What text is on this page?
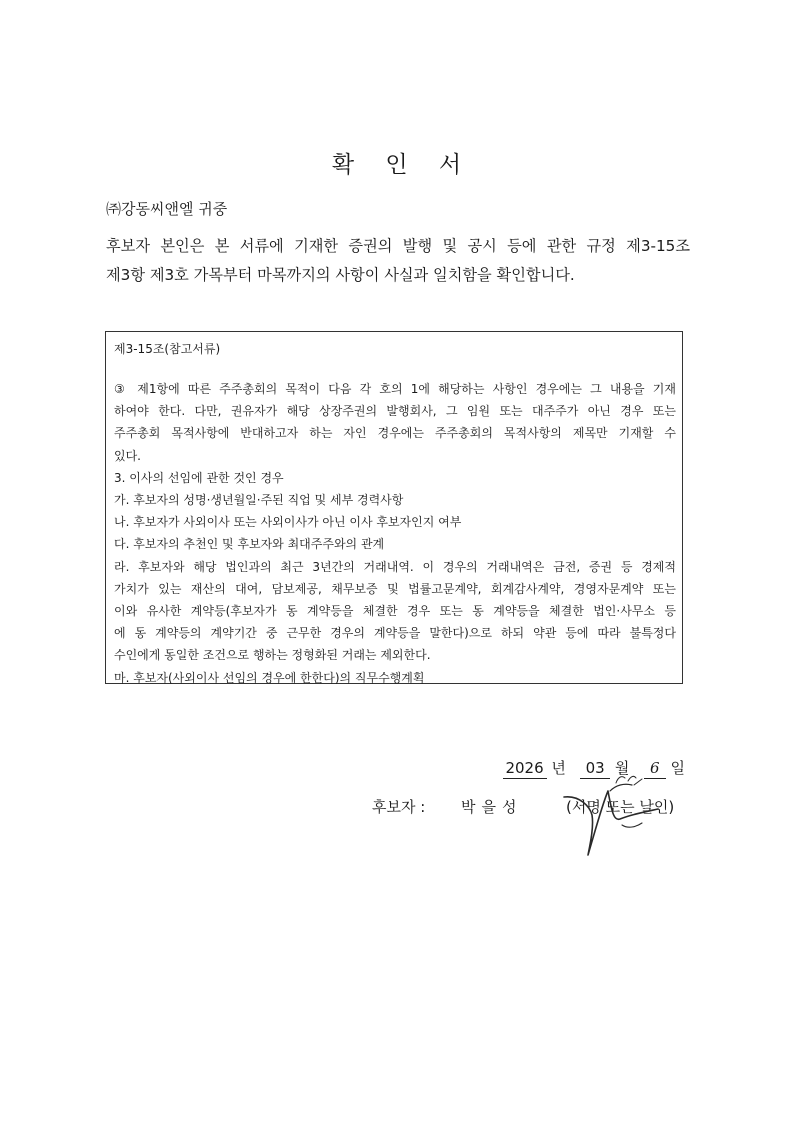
확 인 서
㈜강동씨앤엘 귀중
후보자 본인은 본 서류에 기재한 증권의 발행 및 공시 등에 관한 규정 제3-15조
제3항 제3호 가목부터 마목까지의 사항이 사실과 일치함을 확인합니다.
제3-15조(참고서류)
③ 제1항에 따른 주주총회의 목적이 다음 각 호의 1에 해당하는 사항인 경우에는 그 내용을 기재
하여야 한다. 다만, 권유자가 해당 상장주권의 발행회사, 그 임원 또는 대주주가 아닌 경우 또는
주주총회 목적사항에 반대하고자 하는 자인 경우에는 주주총회의 목적사항의 제목만 기재할 수
있다.
3. 이사의 선임에 관한 것인 경우
가. 후보자의 성명·생년월일·주된 직업 및 세부 경력사항
나. 후보자가 사외이사 또는 사외이사가 아닌 이사 후보자인지 여부
다. 후보자의 추천인 및 후보자와 최대주주와의 관계
라. 후보자와 해당 법인과의 최근 3년간의 거래내역. 이 경우의 거래내역은 금전, 증권 등 경제적
가치가 있는 재산의 대여, 담보제공, 채무보증 및 법률고문계약, 회계감사계약, 경영자문계약 또는
이와 유사한 계약등(후보자가 동 계약등을 체결한 경우 또는 동 계약등을 체결한 법인·사무소 등
에 동 계약등의 계약기간 중 근무한 경우의 계약등을 말한다)으로 하되 약관 등에 따라 불특정다
수인에게 동일한 조건으로 행하는 정형화된 거래는 제외한다.
마. 후보자(사외이사 선임의 경우에 한한다)의 직무수행계획
2026 년 03 월 6 일
후보자 : 박을성	(서명 또는 날인)
